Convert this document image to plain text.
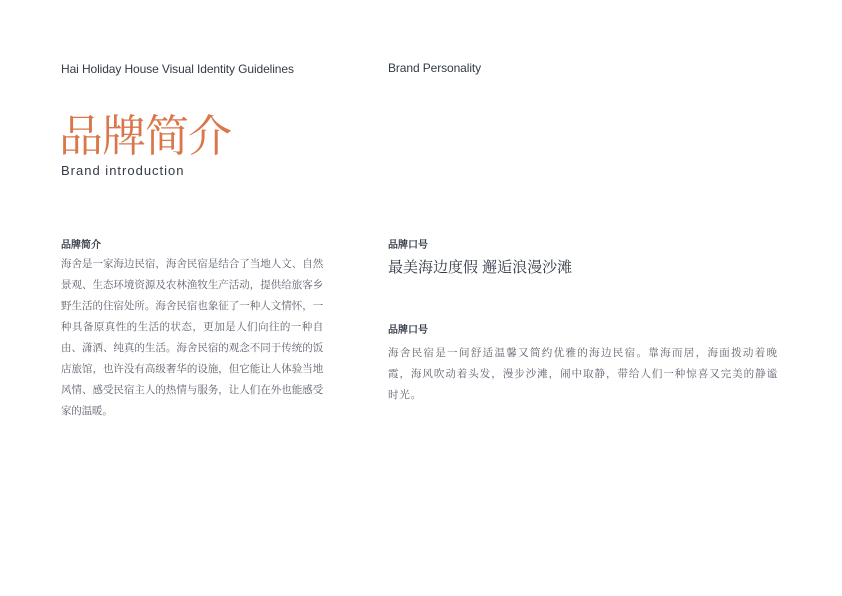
Hai Holiday House Visual Identity Guidelines	Brand Personality
品牌简介
Brand introduction
品牌简介
海舍是一家海边民宿，海舍民宿是结合了当地人文、自然景观、生态环境资源及农林渔牧生产活动，提供给旅客乡野生活的住宿处所。海舍民宿也象征了一种人文情怀，一种具备原真性的生活的状态，更加是人们向往的一种自由、潇洒、纯真的生活。海舍民宿的观念不同于传统的饭店旅馆，也许没有高级奢华的设施，但它能让人体验当地风情、感受民宿主人的热情与服务，让人们在外也能感受家的温暖。
品牌口号
最美海边度假 邂逅浪漫沙滩
品牌口号
海舍民宿是一间舒适温馨又简约优雅的海边民宿。靠海而居，海面拨动着晚霞，海风吹动着头发，漫步沙滩，闹中取静，带给人们一种惊喜又完美的静谧时光。
